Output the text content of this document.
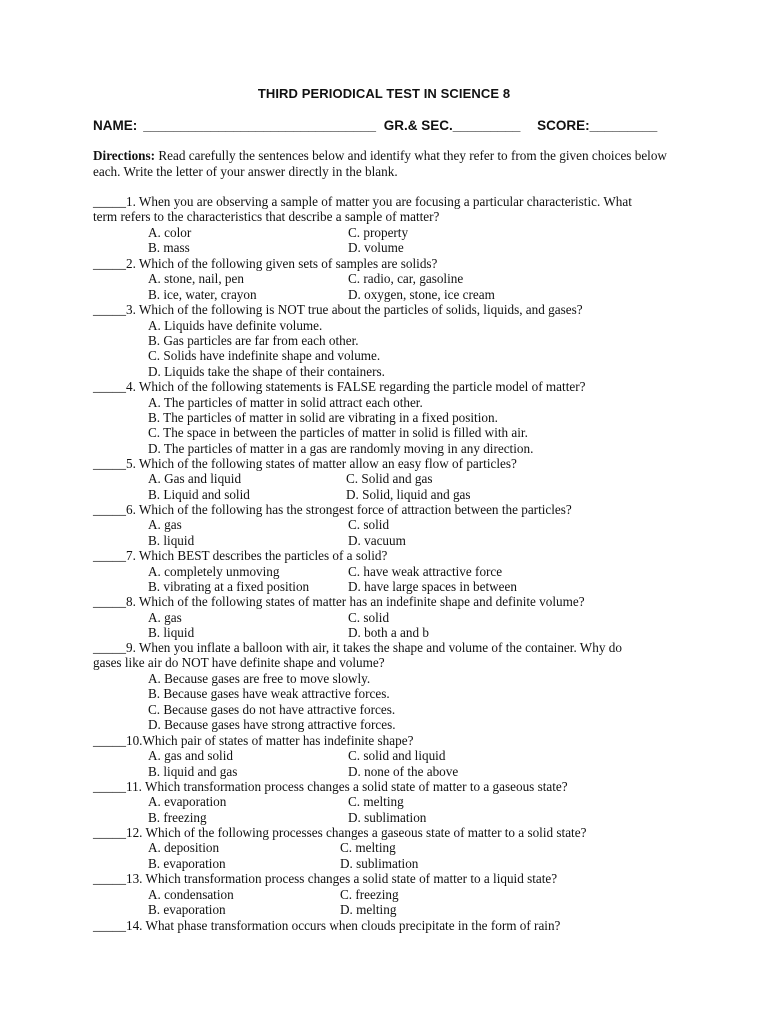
THIRD PERIODICAL TEST IN SCIENCE 8
NAME: _______________________________ GR.& SEC._________ SCORE:_________
Directions: Read carefully the sentences below and identify what they refer to from the given choices below each. Write the letter of your answer directly in the blank.
_____1. When you are observing a sample of matter you are focusing a particular characteristic. What
term refers to the characteristics that describe a sample of matter?
A. color	C. property
B. mass	D. volume
_____2. Which of the following given sets of samples are solids?
A. stone, nail, pen	C. radio, car, gasoline
B. ice, water, crayon	D. oxygen, stone, ice cream
_____3. Which of the following is NOT true about the particles of solids, liquids, and gases?
A. Liquids have definite volume.
B. Gas particles are far from each other.
C. Solids have indefinite shape and volume.
D. Liquids take the shape of their containers.
_____4. Which of the following statements is FALSE regarding the particle model of matter?
A. The particles of matter in solid attract each other.
B. The particles of matter in solid are vibrating in a fixed position.
C. The space in between the particles of matter in solid is filled with air.
D. The particles of matter in a gas are randomly moving in any direction.
_____5. Which of the following states of matter allow an easy flow of particles?
A. Gas and liquid	C. Solid and gas
B. Liquid and solid	D. Solid, liquid and gas
_____6. Which of the following has the strongest force of attraction between the particles?
A. gas	C. solid
B. liquid	D. vacuum
_____7. Which BEST describes the particles of a solid?
A. completely unmoving	C. have weak attractive force
B. vibrating at a fixed position	D. have large spaces in between
_____8. Which of the following states of matter has an indefinite shape and definite volume?
A. gas	C. solid
B. liquid	D. both a and b
_____9. When you inflate a balloon with air, it takes the shape and volume of the container. Why do
gases like air do NOT have definite shape and volume?
A. Because gases are free to move slowly.
B. Because gases have weak attractive forces.
C. Because gases do not have attractive forces.
D. Because gases have strong attractive forces.
_____10.Which pair of states of matter has indefinite shape?
A. gas and solid	C. solid and liquid
B. liquid and gas	D. none of the above
_____11. Which transformation process changes a solid state of matter to a gaseous state?
A. evaporation	C. melting
B. freezing	D. sublimation
_____12. Which of the following processes changes a gaseous state of matter to a solid state?
A. deposition	C. melting
B. evaporation	D. sublimation
_____13. Which transformation process changes a solid state of matter to a liquid state?
A. condensation	C. freezing
B. evaporation	D. melting
_____14. What phase transformation occurs when clouds precipitate in the form of rain?
